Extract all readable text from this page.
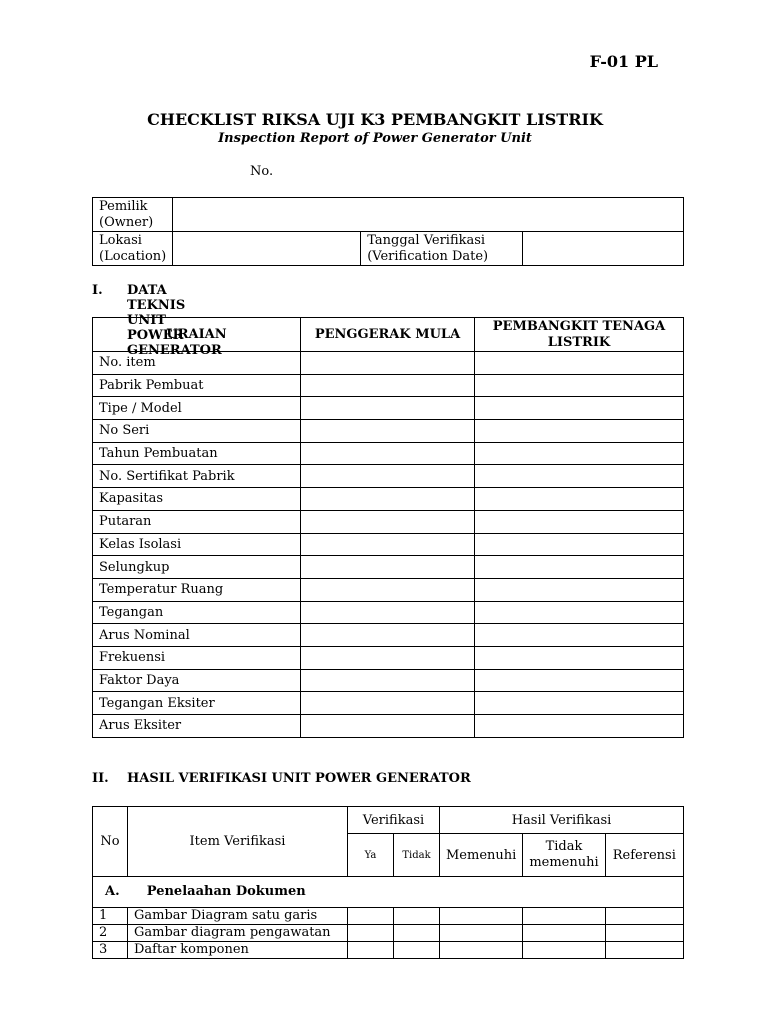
F-01 PL
CHECKLIST RIKSA UJI K3 PEMBANGKIT LISTRIK
Inspection Report of Power Generator Unit
No.
Pemilik
(Owner)			
Lokasi
(Location)		Tanggal Verifikasi
(Verification Date)	
I. DATA TEKNIS UNIT POWER GENERATOR
URAIAN	PENGGERAK MULA	PEMBANGKIT TENAGA LISTRIK
No. item		
Pabrik Pembuat		
Tipe / Model		
No Seri		
Tahun Pembuatan		
No. Sertifikat Pabrik		
Kapasitas		
Putaran		
Kelas Isolasi		
Selungkup		
Temperatur Ruang		
Tegangan		
Arus Nominal		
Frekuensi		
Faktor Daya		
Tegangan Eksiter		
Arus Eksiter		
II. HASIL VERIFIKASI UNIT POWER GENERATOR
No	Item Verifikasi	Verifikasi		Hasil Verifikasi		
		Ya	Tidak	Memenuhi	Tidak memenuhi	Referensi
A. Penelaahan Dokumen						
1	Gambar Diagram satu garis					
2	Gambar diagram pengawatan					
3	Daftar komponen					
